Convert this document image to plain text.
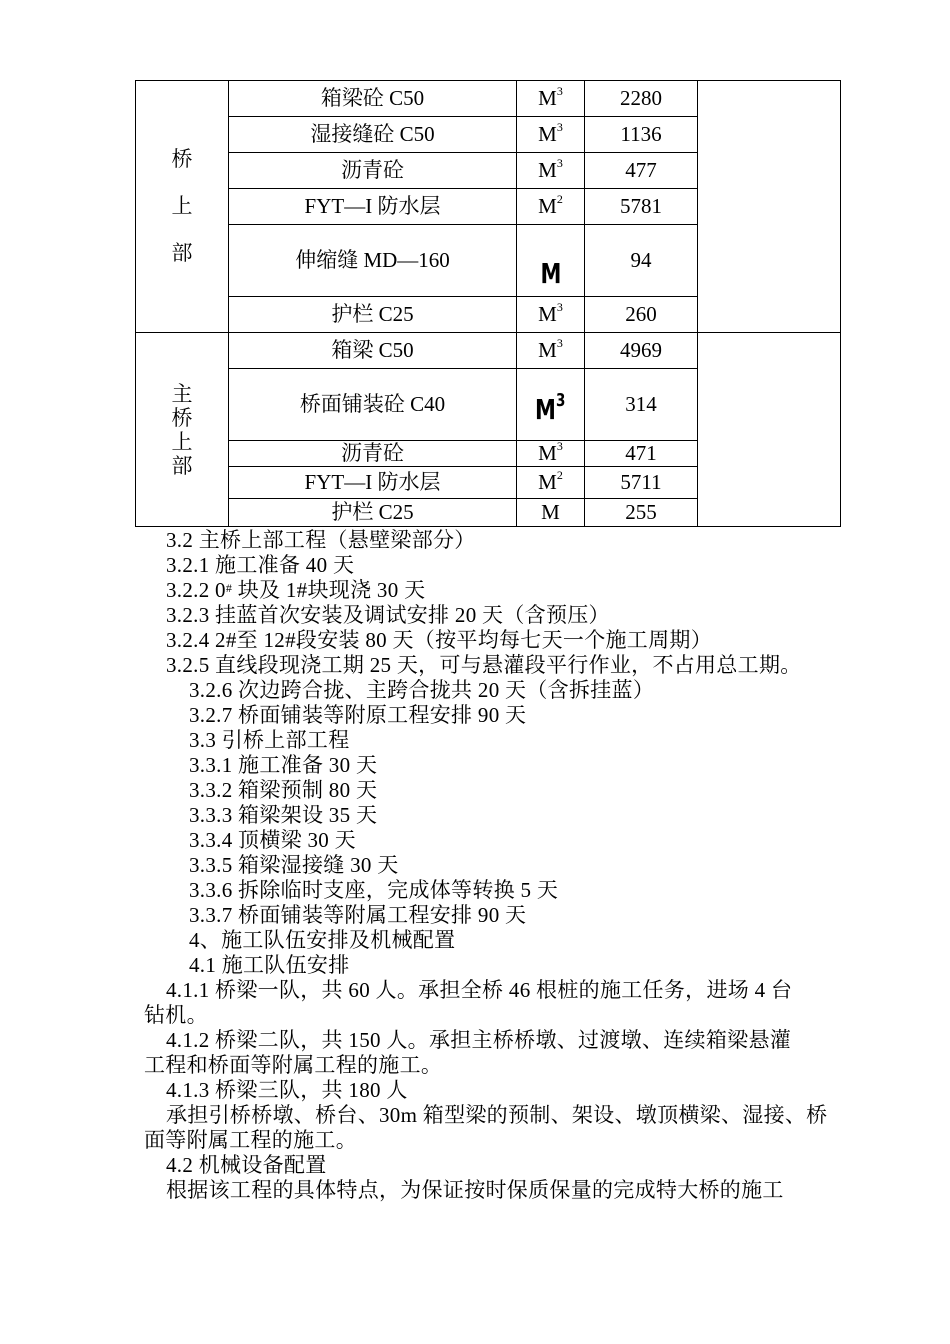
桥
上
部	箱梁砼 C50	$M^3$	2280	
	湿接缝砼 C50	$M^3$	1136	
	沥青砼	$M^3$	477	
	FYT—I 防水层	$M^2$	5781	
	伸缩缝 MD—160	M	94	
	护栏 C25	$M^3$	260	

主
桥
上
部	箱梁 C50	$M^3$	4969	
	桥面铺装砼 C40	$M^3$	314	
	沥青砼	$M^3$	471	
	FYT—I 防水层	$M^2$	5711	
	护栏 C25	M	255	
3.2 主桥上部工程（悬壁梁部分）
3.2.1 施工准备 40 天
3.2.2 0# 块及 1#块现浇 30 天
3.2.3 挂蓝首次安装及调试安排 20 天（含预压）
3.2.4 2#至 12#段安装 80 天（按平均每七天一个施工周期）
3.2.5 直线段现浇工期 25 天，可与悬灌段平行作业，不占用总工期。
3.2.6 次边跨合拢、主跨合拢共 20 天（含拆挂蓝）
3.2.7 桥面铺装等附原工程安排 90 天
3.3 引桥上部工程
3.3.1 施工准备 30 天
3.3.2 箱梁预制 80 天
3.3.3 箱梁架设 35 天
3.3.4 顶横梁 30 天
3.3.5 箱梁湿接缝 30 天
3.3.6 拆除临时支座，完成体等转换 5 天
3.3.7 桥面铺装等附属工程安排 90 天
4、施工队伍安排及机械配置
4.1 施工队伍安排
4.1.1 桥梁一队，共 60 人。承担全桥 46 根桩的施工任务，进场 4 台
钻机。
4.1.2 桥梁二队，共 150 人。承担主桥桥墩、过渡墩、连续箱梁悬灌
工程和桥面等附属工程的施工。
4.1.3 桥梁三队，共 180 人
承担引桥桥墩、桥台、30m 箱型梁的预制、架设、墩顶横梁、湿接、桥
面等附属工程的施工。
4.2 机械设备配置
根据该工程的具体特点，为保证按时保质保量的完成特大桥的施工
